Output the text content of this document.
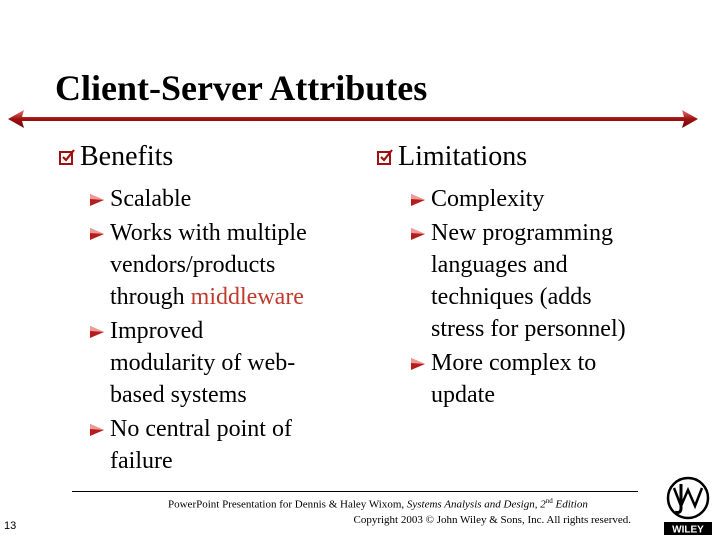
Client-Server Attributes
Benefits
Scalable
Works with multiple
vendors/products
through middleware
Improved
modularity of web-
based systems
No central point of
failure
Limitations
Complexity
New programming
languages and
techniques (adds
stress for personnel)
More complex to
update
PowerPoint Presentation for Dennis & Haley Wixom, Systems Analysis and Design, 2nd Edition
Copyright 2003 © John Wiley & Sons, Inc. All rights reserved.
13	WILEY
